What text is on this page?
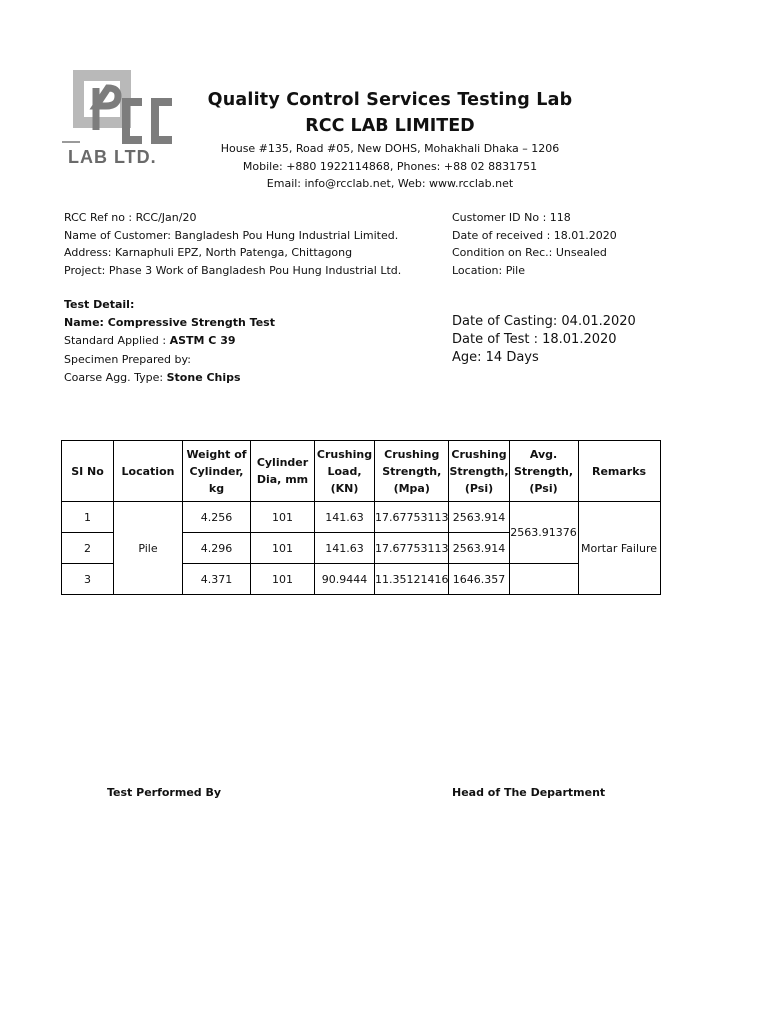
LAB LTD.
Quality Control Services Testing Lab
RCC LAB LIMITED
House #135, Road #05, New DOHS, Mohakhali Dhaka – 1206
Mobile: +880 1922114868, Phones: +88 02 8831751
Email: info@rcclab.net, Web: www.rcclab.net
RCC Ref no : RCC/Jan/20
Name of Customer: Bangladesh Pou Hung Industrial Limited.
Address: Karnaphuli EPZ, North Patenga, Chittagong
Project: Phase 3 Work of Bangladesh Pou Hung Industrial Ltd.
Customer ID No : 118
Date of received : 18.01.2020
Condition on Rec.: Unsealed
Location: Pile
Test Detail:
Name: Compressive Strength Test
Standard Applied : ASTM C 39
Specimen Prepared by:
Coarse Agg. Type: Stone Chips
Date of Casting: 04.01.2020
Date of Test : 18.01.2020
Age: 14 Days
SI No	Location	Weight of Cylinder, kg	Cylinder Dia, mm	Crushing Load, (KN)	Crushing Strength, (Mpa)	Crushing Strength, (Psi)	Avg. Strength, (Psi)	Remarks
1	Pile	4.256	101	141.63	17.67753113	2563.914	2563.91376	Mortar Failure
2		4.296	101	141.63	17.67753113	2563.914		
3		4.371	101	90.9444	11.35121416	1646.357		
Test Performed By	Head of The Department
